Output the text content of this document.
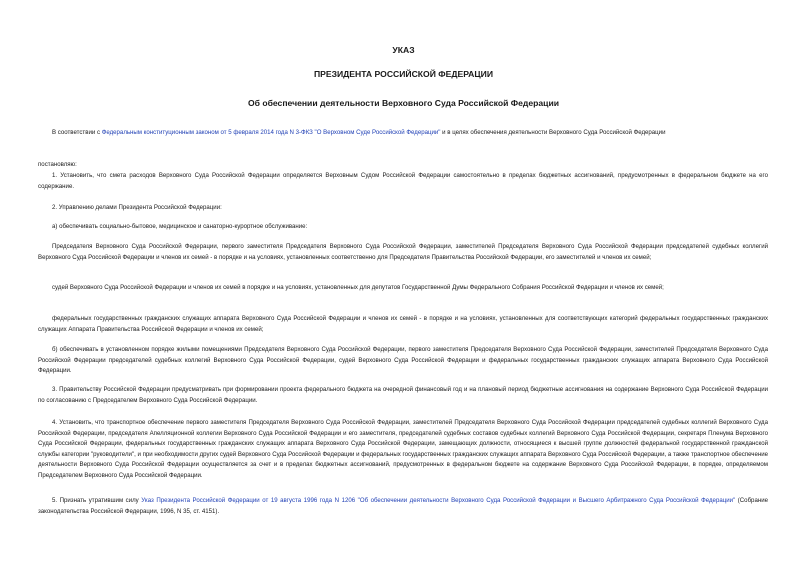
УКАЗ
ПРЕЗИДЕНТА РОССИЙСКОЙ ФЕДЕРАЦИИ
Об обеспечении деятельности Верховного Суда Российской Федерации
В соответствии с Федеральным конституционным законом от 5 февраля 2014 года N 3-ФКЗ "О Верховном Суде Российской Федерации" и в целях обеспечения деятельности Верховного Суда Российской Федерации
постановляю:
1. Установить, что смета расходов Верховного Суда Российской Федерации определяется Верховным Судом Российской Федерации самостоятельно в пределах бюджетных ассигнований, предусмотренных в федеральном бюджете на его содержание.
2. Управлению делами Президента Российской Федерации:
а) обеспечивать социально-бытовое, медицинское и санаторно-курортное обслуживание:
Председателя Верховного Суда Российской Федерации, первого заместителя Председателя Верховного Суда Российской Федерации, заместителей Председателя Верховного Суда Российской Федерации председателей судебных коллегий Верховного Суда Российской Федерации и членов их семей - в порядке и на условиях, установленных соответственно для Председателя Правительства Российской Федерации, его заместителей и членов их семей;
судей Верховного Суда Российской Федерации и членов их семей в порядке и на условиях, установленных для депутатов Государственной Думы Федерального Собрания Российской Федерации и членов их семей;
федеральных государственных гражданских служащих аппарата Верховного Суда Российской Федерации и членов их семей - в порядке и на условиях, установленных для соответствующих категорий федеральных государственных гражданских служащих Аппарата Правительства Российской Федерации и членов их семей;
б) обеспечивать в установленном порядке жилыми помещениями Председателя Верховного Суда Российской Федерации, первого заместителя Председателя Верховного Суда Российской Федерации, заместителей Председателя Верховного Суда Российской Федерации председателей судебных коллегий Верховного Суда Российской Федерации, судей Верховного Суда Российской Федерации и федеральных государственных гражданских служащих аппарата Верховного Суда Российской Федерации.
3. Правительству Российской Федерации предусматривать при формировании проекта федерального бюджета на очередной финансовый год и на плановый период бюджетные ассигнования на содержание Верховного Суда Российской Федерации по согласованию с Председателем Верховного Суда Российской Федерации.
4. Установить, что транспортное обеспечение первого заместителя Председателя Верховного Суда Российской Федерации, заместителей Председателя Верховного Суда Российской Федерации председателей судебных коллегий Верховного Суда Российской Федерации, председателя Апелляционной коллегии Верховного Суда Российской Федерации и его заместителя, председателей судебных составов судебных коллегий Верховного Суда Российской Федерации, секретаря Пленума Верховного Суда Российской Федерации, федеральных государственных гражданских служащих аппарата Верховного Суда Российской Федерации, замещающих должности, относящиеся к высшей группе должностей федеральной государственной гражданской службы категории "руководители", и при необходимости других судей Верховного Суда Российской Федерации и федеральных государственных гражданских служащих аппарата Верховного Суда Российской Федерации, а также транспортное обеспечение деятельности Верховного Суда Российской Федерации осуществляется за счет и в пределах бюджетных ассигнований, предусмотренных в федеральном бюджете на содержание Верховного Суда Российской Федерации, в порядке, определяемом Председателем Верховного Суда Российской Федерации.
5. Признать утратившим силу Указ Президента Российской Федерации от 19 августа 1996 года N 1206 "Об обеспечении деятельности Верховного Суда Российской Федерации и Высшего Арбитражного Суда Российской Федерации" (Собрание законодательства Российской Федерации, 1996, N 35, ст. 4151).
